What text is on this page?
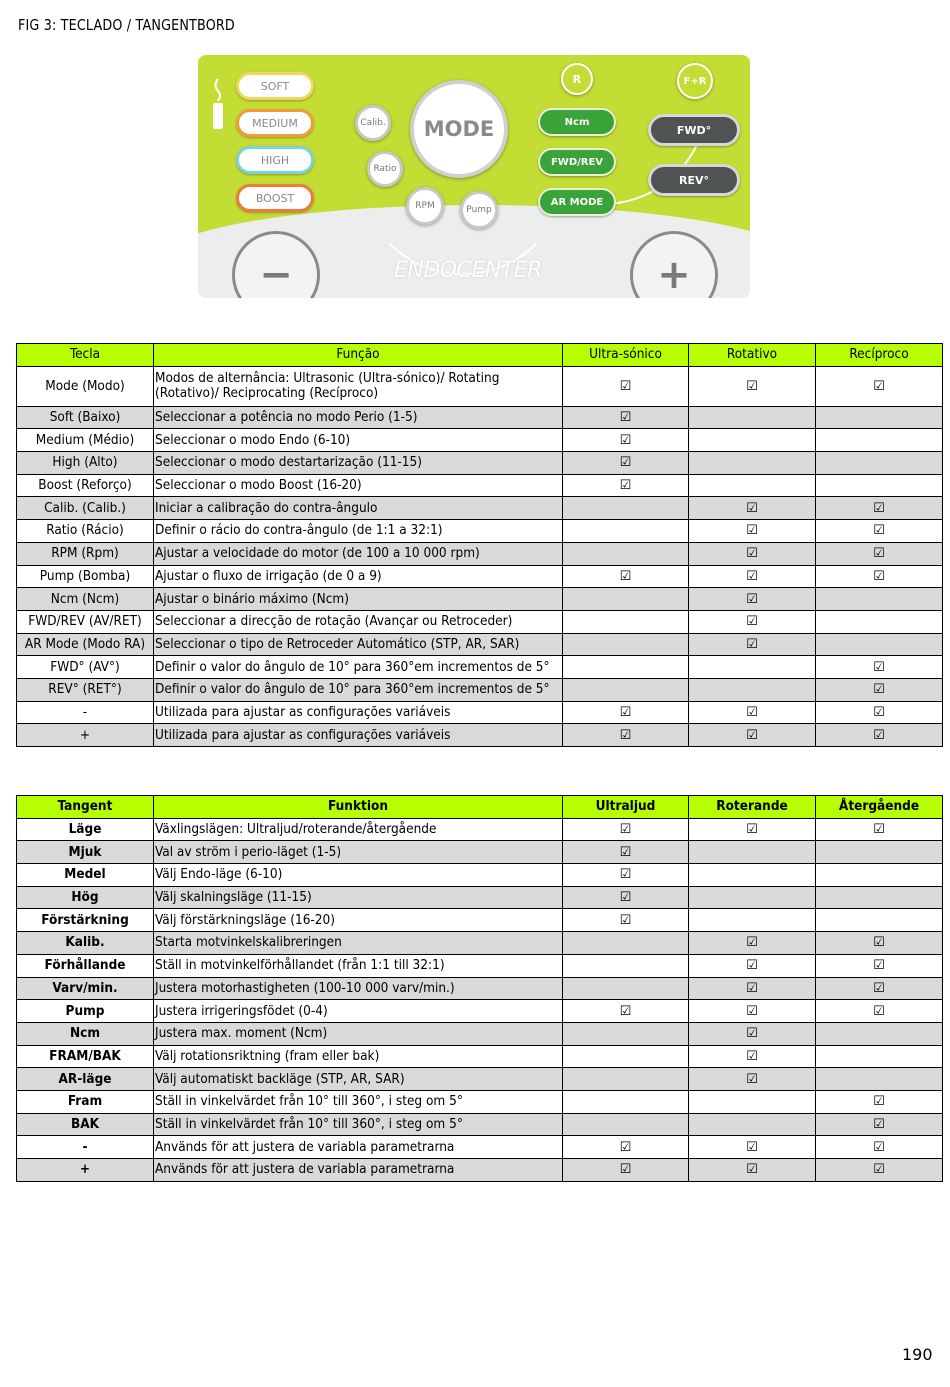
FIG 3: TECLADO / TANGENTBORD
SOFT
MEDIUM
HIGH
BOOST
Calib.
Ratio
RPM	Pump
MODE
R
Ncm
FWD/REV
AR MODE
F+R
FWD°
REV°
−	+
ENDOCENTER
Tecla	Função	Ultra-sónico	Rotativo	Recíproco
Mode (Modo)	Modos de alternância: Ultrasonic (Ultra-sónico)/ Rotating (Rotativo)/ Reciprocating (Recíproco)	☑	☑	☑
Soft (Baixo)	Seleccionar a potência no modo Perio (1-5)	☑		
Medium (Médio)	Seleccionar o modo Endo (6-10)	☑		
High (Alto)	Seleccionar o modo destartarização (11-15)	☑		
Boost (Reforço)	Seleccionar o modo Boost (16-20)	☑		
Calib. (Calib.)	Iniciar a calibração do contra-ângulo		☑	☑
Ratio (Rácio)	Definir o rácio do contra-ângulo (de 1:1 a 32:1)		☑	☑
RPM (Rpm)	Ajustar a velocidade do motor (de 100 a 10 000 rpm)		☑	☑
Pump (Bomba)	Ajustar o fluxo de irrigação (de 0 a 9)	☑	☑	☑
Ncm (Ncm)	Ajustar o binário máximo (Ncm)		☑	
FWD/REV (AV/RET)	Seleccionar a direcção de rotação (Avançar ou Retroceder)		☑	
AR Mode (Modo RA)	Seleccionar o tipo de Retroceder Automático (STP, AR, SAR)		☑	
FWD° (AV°)	Definir o valor do ângulo de 10° para 360°em incrementos de 5°			☑
REV° (RET°)	Definir o valor do ângulo de 10° para 360°em incrementos de 5°			☑
-	Utilizada para ajustar as configurações variáveis	☑	☑	☑
+	Utilizada para ajustar as configurações variáveis	☑	☑	☑
Tangent	Funktion	Ultraljud	Roterande	Återgående
Läge	Växlingslägen: Ultraljud/roterande/återgående	☑	☑	☑
Mjuk	Val av ström i perio-läget (1-5)	☑		
Medel	Välj Endo-läge (6-10)	☑		
Hög	Välj skalningsläge (11-15)	☑		
Förstärkning	Välj förstärkningsläge (16-20)	☑		
Kalib.	Starta motvinkelskalibreringen		☑	☑
Förhållande	Ställ in motvinkelförhållandet (från 1:1 till 32:1)		☑	☑
Varv/min.	Justera motorhastigheten (100-10 000 varv/min.)		☑	☑
Pump	Justera irrigeringsfödet (0-4)	☑	☑	☑
Ncm	Justera max. moment (Ncm)		☑	
FRAM/BAK	Välj rotationsriktning (fram eller bak)		☑	
AR-läge	Välj automatiskt backläge (STP, AR, SAR)		☑	
Fram	Ställ in vinkelvärdet från 10° till 360°, i steg om 5°			☑
BAK	Ställ in vinkelvärdet från 10° till 360°, i steg om 5°			☑
-	Används för att justera de variabla parametrarna	☑	☑	☑
+	Används för att justera de variabla parametrarna	☑	☑	☑
190
